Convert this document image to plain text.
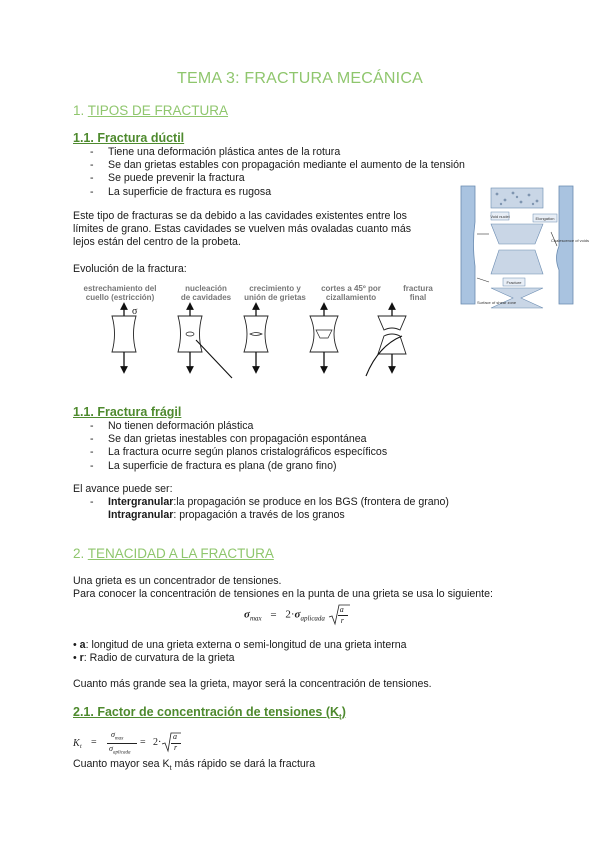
TEMA 3: FRACTURA MECÁNICA
1. TIPOS DE FRACTURA
1.1. Fractura dúctil
- Tiene una deformación plástica antes de la rotura
- Se dan grietas estables con propagación mediante el aumento de la tensión
- Se puede prevenir la fractura
- La superficie de fractura es rugosa
Este tipo de fracturas se da debido a las cavidades existentes entre los
límites de grano. Estas cavidades se vuelven más ovaladas cuanto más
lejos están del centro de la probeta.
Void nuclei	Elongation
Coalescence of voids
Fracture
Surface of shear zone
Evolución de la fractura:
estrechamiento del
cuello (estricción)
nucleación
de cavidades
crecimiento y
unión de grietas
cortes a 45º por
cizallamiento
fractura
final
σ
1.1. Fractura frágil
- No tienen deformación plástica
- Se dan grietas inestables con propagación espontánea
- La fractura ocurre según planos cristalográficos específicos
- La superficie de fractura es plana (de grano fino)
El avance puede ser:
- Intergranular:la propagación se produce en los BGS (frontera de grano)
Intragranular: propagación a través de los granos
2. TENACIDAD A LA FRACTURA
Una grieta es un concentrador de tensiones.
Para conocer la concentración de tensiones en la punta de una grieta se usa lo siguiente:
$\sigma_{max} = 2\cdot\sigma_{aplicada} \frac{a}{r}$
• a: longitud de una grieta externa o semi-longitud de una grieta interna
• r: Radio de curvatura de la grieta
Cuanto más grande sea la grieta, mayor será la concentración de tensiones.
2.1. Factor de concentración de tensiones $(K_t)$
K t =
$\sigma_{max}$
$\sigma_{aplicada}$
= 2·
a
r
Cuanto mayor sea $K_t$ más rápido se dará la fractura
